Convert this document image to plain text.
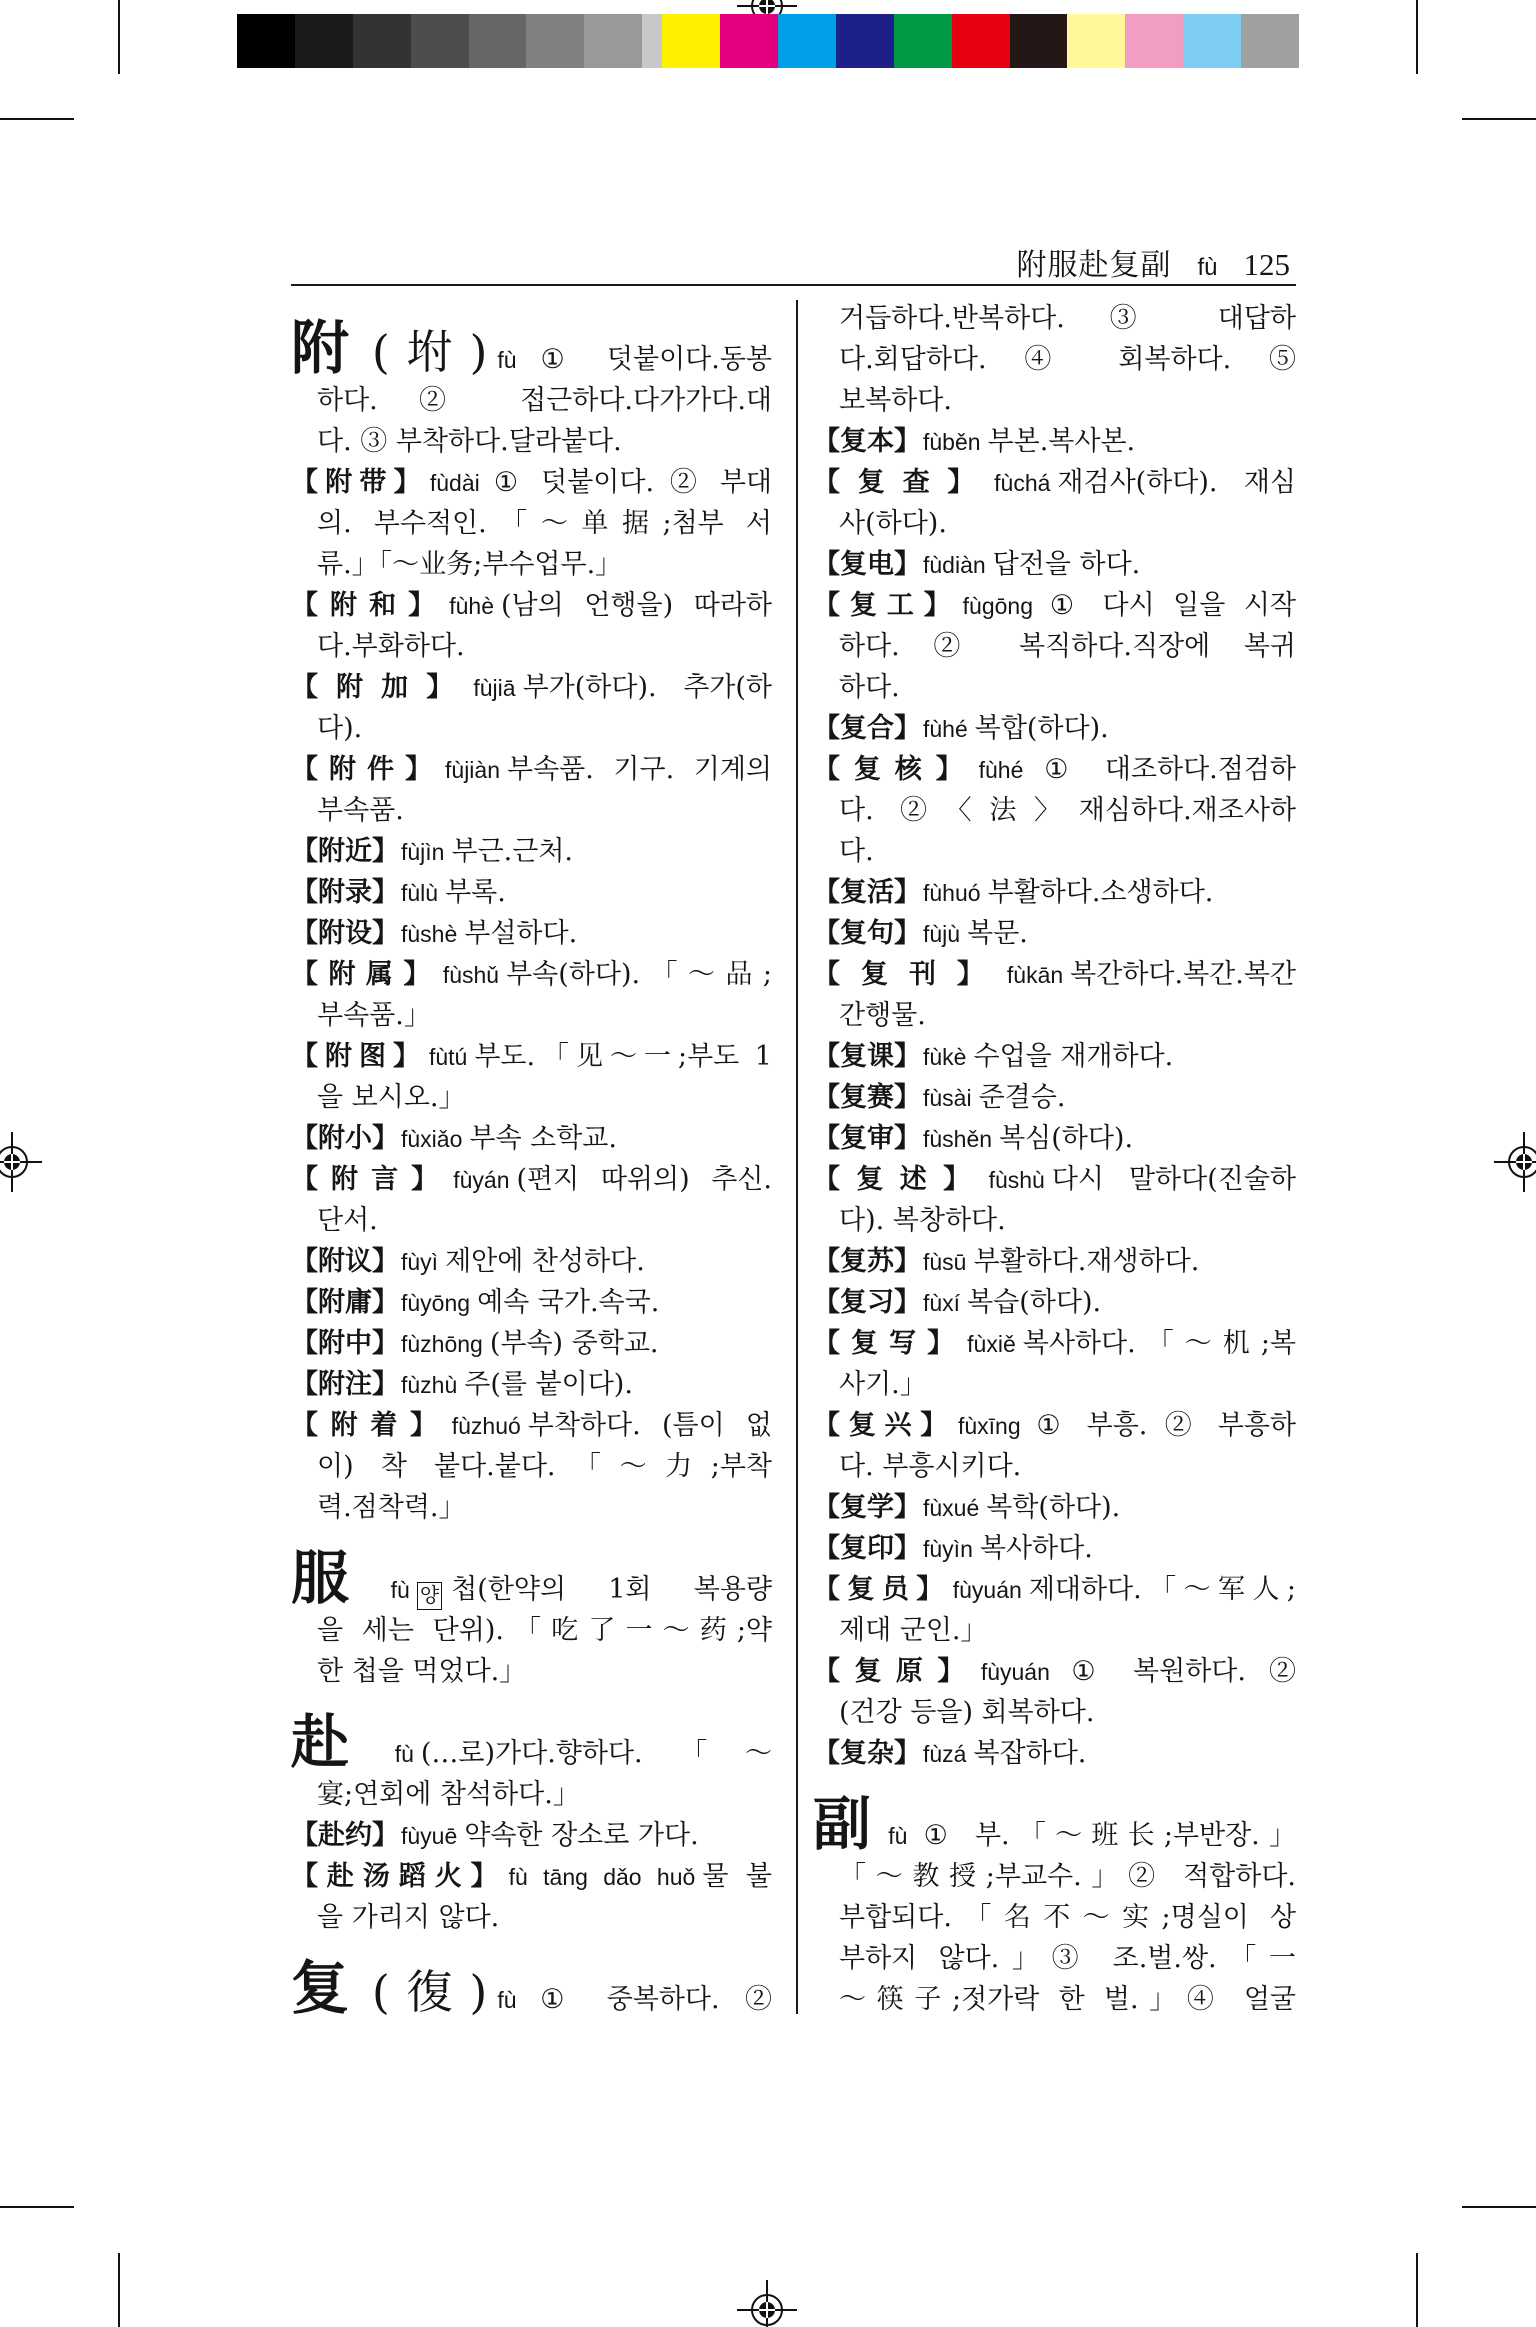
附服赴复副 fù 125
附 (坿) fù ① 덧붙이다.동봉
하다. ② 접근하다.다가가다.대
다. ③ 부착하다.달라붙다.
【附带】fùdài ① 덧붙이다. ② 부대
의. 부수적인.「～单据;첨부 서
류.」「～业务;부수업무.」
【附和】fùhè (남의 언행을) 따라하
다.부화하다.
【附加】fùjiā 부가(하다). 추가(하
다).
【附件】fùjiàn 부속품. 기구. 기계의
부속품.
【附近】fùjìn 부근.근처.
【附录】fùlù 부록.
【附设】fùshè 부설하다.
【附属】fùshǔ 부속(하다).「～品;
부속품.」
【附图】fùtú 부도.「见～一;부도 1
을 보시오.」
【附小】fùxiǎo 부속 소학교.
【附言】fùyán (편지 따위의) 추신.
단서.
【附议】fùyì 제안에 찬성하다.
【附庸】fùyōng 예속 국가.속국.
【附中】fùzhōng (부속) 중학교.
【附注】fùzhù 주(를 붙이다).
【附着】fùzhuó 부착하다. (틈이 없
이) 착 붙다.붙다.「～力;부착
력.점착력.」
服fù 양 첩(한약의 1회 복용량
을 세는 단위).「吃了一～药;약
한 첩을 먹었다.」
赴fù (…로)가다.향하다.「～
宴;연회에 참석하다.」
【赴约】fùyuē 약속한 장소로 가다.
【赴汤蹈火】fù tāng dǎo huǒ 물 불
을 가리지 않다.
复 (復) fù ① 중복하다. ②
거듭하다.반복하다. ③ 대답하
다.회답하다. ④ 회복하다. ⑤
보복하다.
【复本】fùběn 부본.복사본.
【复查】fùchá 재검사(하다). 재심
사(하다).
【复电】fùdiàn 답전을 하다.
【复工】fùgōng ① 다시 일을 시작
하다. ② 복직하다.직장에 복귀
하다.
【复合】fùhé 복합(하다).
【复核】fùhé ① 대조하다.점검하
다. ②〈法〉재심하다.재조사하
다.
【复活】fùhuó 부활하다.소생하다.
【复句】fùjù 복문.
【复刊】fùkān 복간하다.복간.복간
간행물.
【复课】fùkè 수업을 재개하다.
【复赛】fùsài 준결승.
【复审】fùshěn 복심(하다).
【复述】fùshù 다시 말하다(진술하
다). 복창하다.
【复苏】fùsū 부활하다.재생하다.
【复习】fùxí 복습(하다).
【复写】fùxiě 복사하다.「～机;복
사기.」
【复兴】fùxīng ① 부흥. ② 부흥하
다. 부흥시키다.
【复学】fùxué 복학(하다).
【复印】fùyìn 복사하다.
【复员】fùyuán 제대하다.「～军人;
제대 군인.」
【复原】fùyuán ① 복원하다. ②
(건강 등을) 회복하다.
【复杂】fùzá 복잡하다.
副fù ① 부.「～班长;부반장.」
「～教授;부교수.」② 적합하다.
부합되다.「名不～实;명실이 상
부하지 않다.」③ 조.벌.쌍.「一
～筷子;젓가락 한 벌.」④ 얼굴
